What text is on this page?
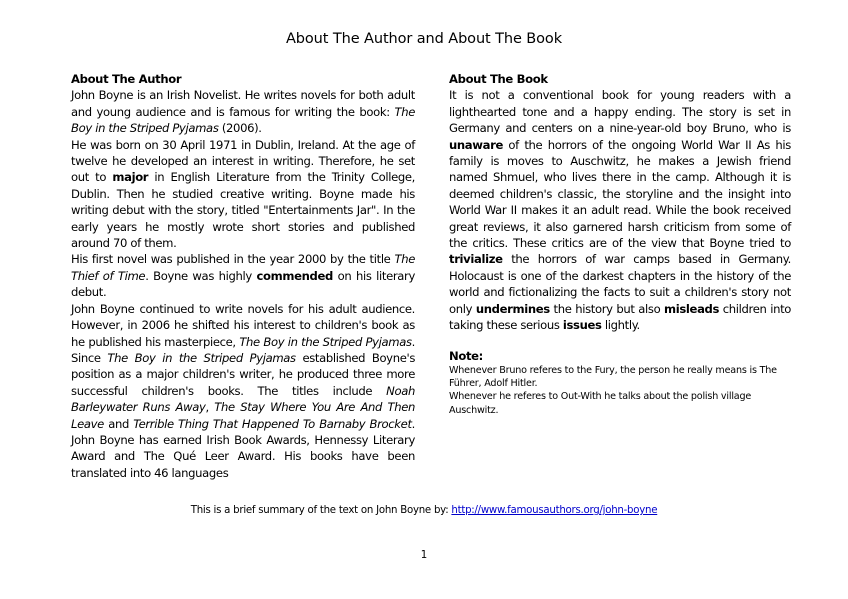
About The Author and About The Book
About The Author

John Boyne is an Irish Novelist. He writes novels for both adult and young audience and is famous for writing the book: The Boy in the Striped Pyjamas (2006).

He was born on 30 April 1971 in Dublin, Ireland. At the age of twelve he developed an interest in writing. Therefore, he set out to major in English Literature from the Trinity College, Dublin. Then he studied creative writing. Boyne made his writing debut with the story, titled "Entertainments Jar". In the early years he mostly wrote short stories and published around 70 of them.

His first novel was published in the year 2000 by the title The Thief of Time. Boyne was highly commended on his literary debut.

John Boyne continued to write novels for his adult audience. However, in 2006 he shifted his interest to children's book as he published his masterpiece, The Boy in the Striped Pyjamas. Since The Boy in the Striped Pyjamas established Boyne's position as a major children's writer, he produced three more successful children's books. The titles include Noah Barleywater Runs Away, The Stay Where You Are And Then Leave and Terrible Thing That Happened To Barnaby Brocket. John Boyne has earned Irish Book Awards, Hennessy Literary Award and The Qué Leer Award. His books have been translated into 46 languages

About The Book

It is not a conventional book for young readers with a lighthearted tone and a happy ending. The story is set in Germany and centers on a nine-year-old boy Bruno, who is unaware of the horrors of the ongoing World War II As his family is moves to Auschwitz, he makes a Jewish friend named Shmuel, who lives there in the camp. Although it is deemed children's classic, the storyline and the insight into World War II makes it an adult read. While the book received great reviews, it also garnered harsh criticism from some of the critics. These critics are of the view that Boyne tried to trivialize the horrors of war camps based in Germany. Holocaust is one of the darkest chapters in the history of the world and fictionalizing the facts to suit a children's story not only undermines the history but also misleads children into taking these serious issues lightly.

Note:
Whenever Bruno referes to the Fury, the person he really means is The Führer, Adolf Hitler.
Whenever he referes to Out-With he talks about the polish village Auschwitz.
This is a brief summary of the text on John Boyne by: http://www.famousauthors.org/john-boyne
1
